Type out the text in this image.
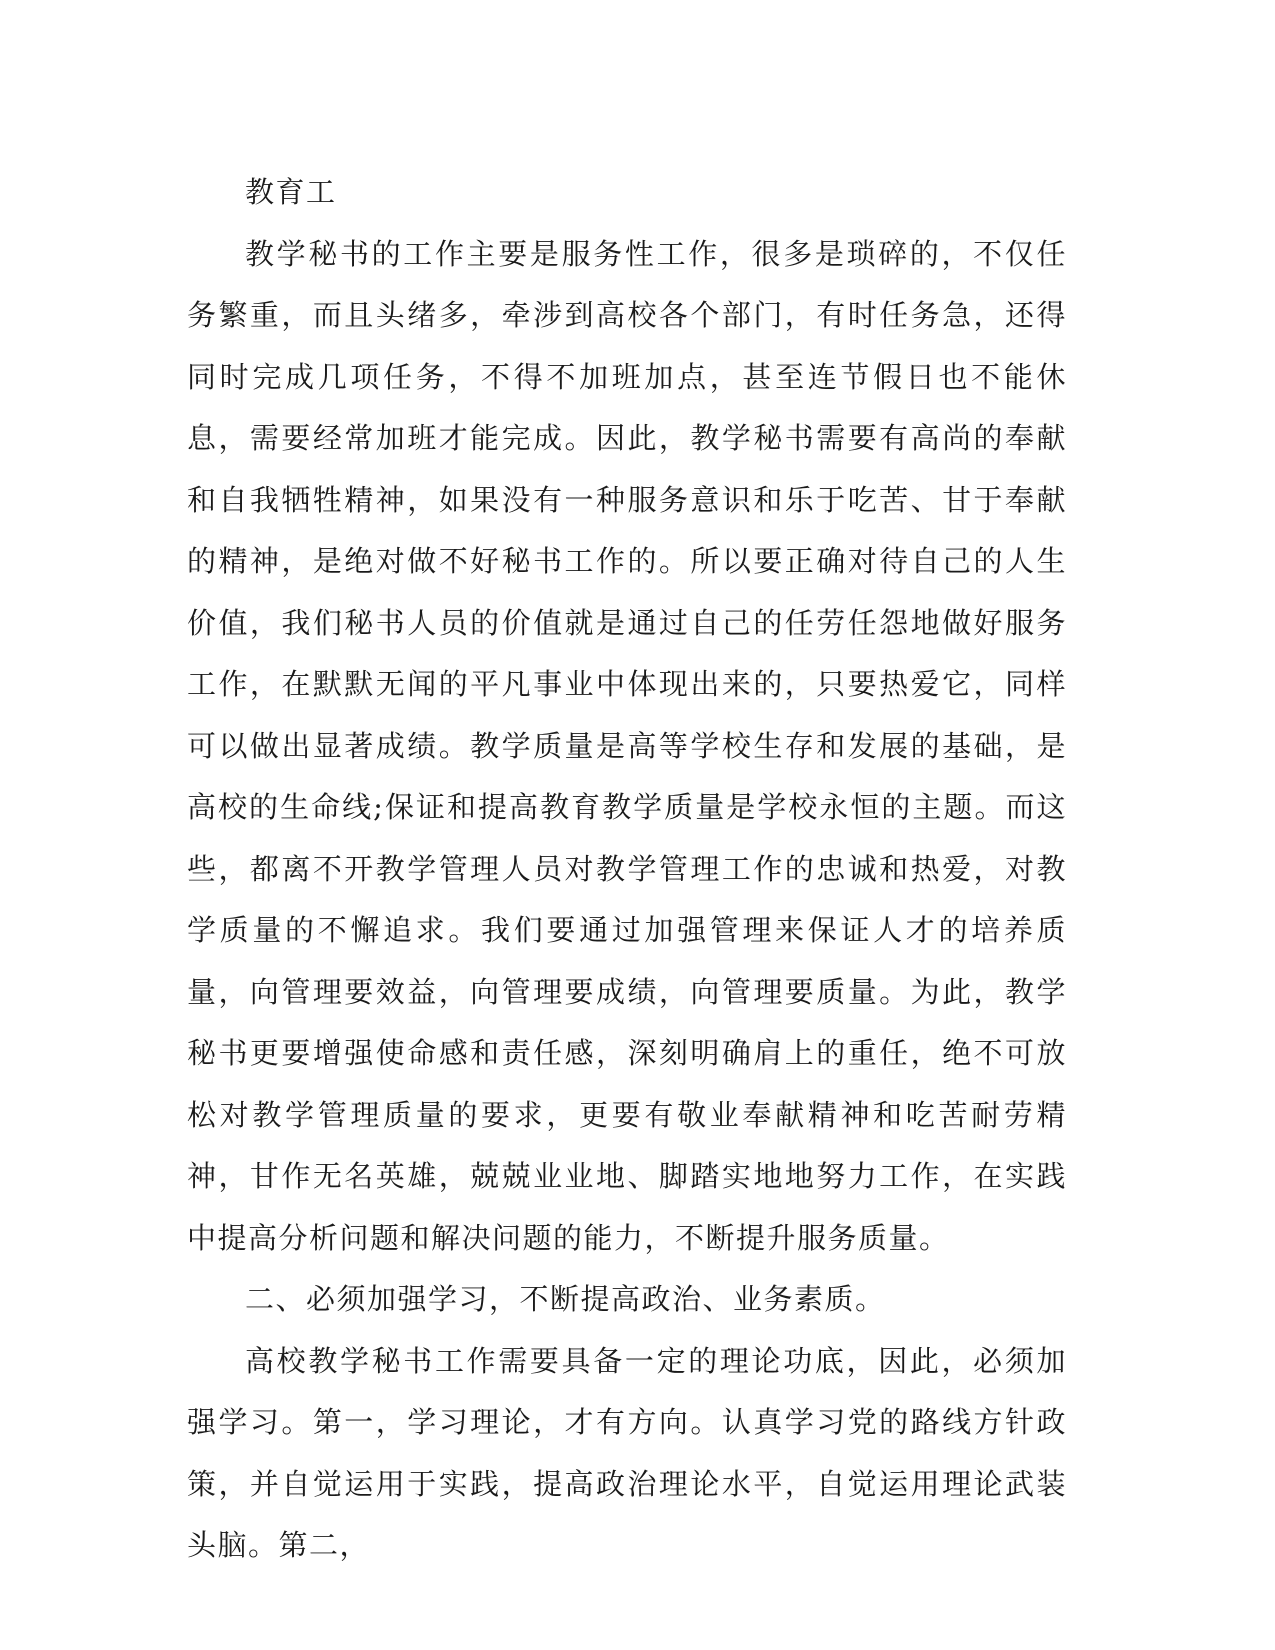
教育工

教学秘书的工作主要是服务性工作，很多是琐碎的，不仅任务繁重，而且头绪多，牵涉到高校各个部门，有时任务急，还得同时完成几项任务，不得不加班加点，甚至连节假日也不能休息，需要经常加班才能完成。因此，教学秘书需要有高尚的奉献和自我牺牲精神，如果没有一种服务意识和乐于吃苦、甘于奉献的精神，是绝对做不好秘书工作的。所以要正确对待自己的人生价值，我们秘书人员的价值就是通过自己的任劳任怨地做好服务工作，在默默无闻的平凡事业中体现出来的，只要热爱它，同样可以做出显著成绩。教学质量是高等学校生存和发展的基础，是高校的生命线;保证和提高教育教学质量是学校永恒的主题。而这些，都离不开教学管理人员对教学管理工作的忠诚和热爱，对教学质量的不懈追求。我们要通过加强管理来保证人才的培养质量，向管理要效益，向管理要成绩，向管理要质量。为此，教学秘书更要增强使命感和责任感，深刻明确肩上的重任，绝不可放松对教学管理质量的要求，更要有敬业奉献精神和吃苦耐劳精神，甘作无名英雄，兢兢业业地、脚踏实地地努力工作，在实践中提高分析问题和解决问题的能力，不断提升服务质量。

二、必须加强学习，不断提高政治、业务素质。

高校教学秘书工作需要具备一定的理论功底，因此，必须加强学习。第一，学习理论，才有方向。认真学习党的路线方针政策，并自觉运用于实践，提高政治理论水平，自觉运用理论武装头脑。第二，
